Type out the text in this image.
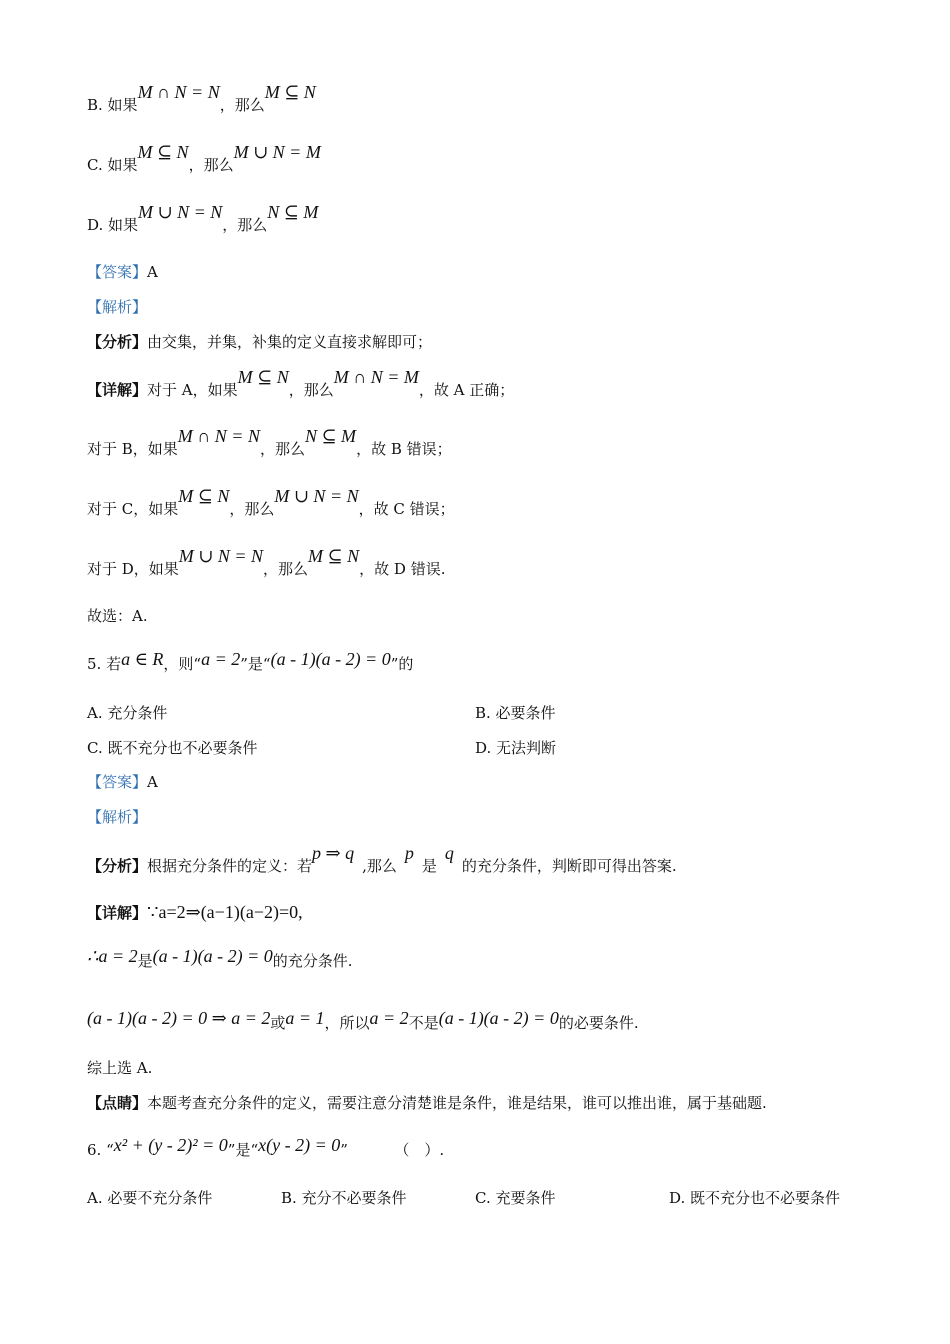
B. 如果M ∩ N = N，那么M ⊆ N
C. 如果M ⊆ N，那么M ∪ N = M
D. 如果M ∪ N = N，那么N ⊆ M
【答案】A
【解析】
【分析】由交集，并集，补集的定义直接求解即可；
【详解】对于 A，如果M ⊆ N，那么M ∩ N = M，故 A 正确；
对于 B，如果M ∩ N = N，那么N ⊆ M，故 B 错误；
对于 C，如果M ⊆ N，那么M ∪ N = N，故 C 错误；
对于 D，如果M ∪ N = N，那么M ⊆ N，故 D 错误.
故选：A.
5. 若a ∈ R，则“a = 2”是“(a - 1)(a - 2) = 0”的
A. 充分条件	B. 必要条件
C. 既不充分也不必要条件	D. 无法判断
【答案】A
【解析】
【分析】根据充分条件的定义：若p ⇒ q,那么p是q的充分条件，判断即可得出答案.
【详解】∵a=2⇒(a−1)(a−2)=0,
∴a = 2是(a - 1)(a - 2) = 0的充分条件.
(a - 1)(a - 2) = 0 ⇒ a = 2或a = 1，所以a = 2不是(a - 1)(a - 2) = 0的必要条件.
综上选 A.
【点睛】本题考查充分条件的定义，需要注意分清楚谁是条件，谁是结果，谁可以推出谁，属于基础题.
6. “x² + (y - 2)² = 0”是“x(y - 2) = 0”	（　）.
A. 必要不充分条件	B. 充分不必要条件	C. 充要条件	D. 既不充分也不必要条件
